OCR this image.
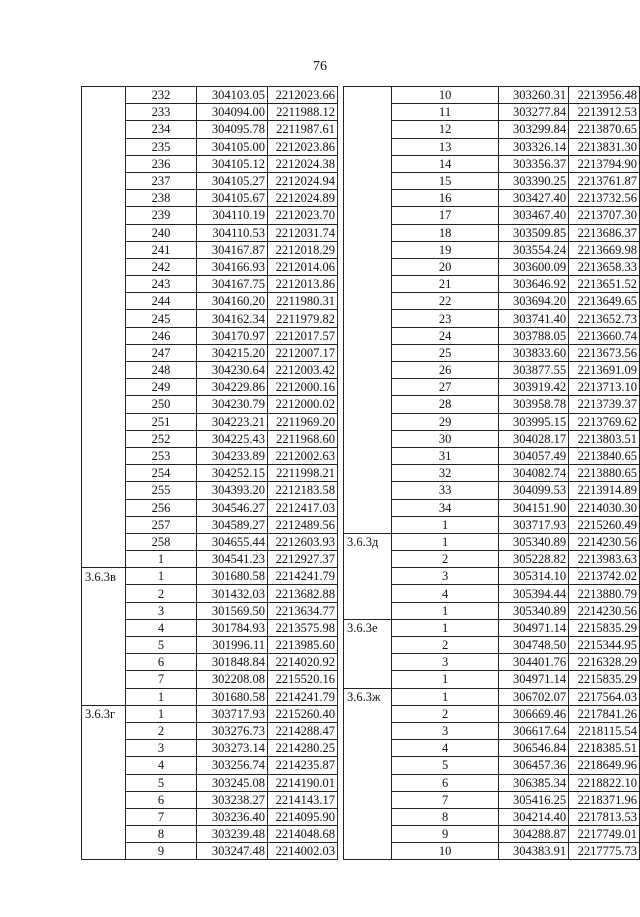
76
	232	304103.05	2212023.66
	233	304094.00	2211988.12
	234	304095.78	2211987.61
	235	304105.00	2212023.86
	236	304105.12	2212024.38
	237	304105.27	2212024.94
	238	304105.67	2212024.89
	239	304110.19	2212023.70
	240	304110.53	2212031.74
	241	304167.87	2212018.29
	242	304166.93	2212014.06
	243	304167.75	2212013.86
	244	304160.20	2211980.31
	245	304162.34	2211979.82
	246	304170.97	2212017.57
	247	304215.20	2212007.17
	248	304230.64	2212003.42
	249	304229.86	2212000.16
	250	304230.79	2212000.02
	251	304223.21	2211969.20
	252	304225.43	2211968.60
	253	304233.89	2212002.63
	254	304252.15	2211998.21
	255	304393.20	2212183.58
	256	304546.27	2212417.03
	257	304589.27	2212489.56
	258	304655.44	2212603.93
	1	304541.23	2212927.37
3.6.3в	1	301680.58	2214241.79
	2	301432.03	2213682.88
	3	301569.50	2213634.77
	4	301784.93	2213575.98
	5	301996.11	2213985.60
	6	301848.84	2214020.92
	7	302208.08	2215520.16
	1	301680.58	2214241.79
3.6.3г	1	303717.93	2215260.40
	2	303276.73	2214288.47
	3	303273.14	2214280.25
	4	303256.74	2214235.87
	5	303245.08	2214190.01
	6	303238.27	2214143.17
	7	303236.40	2214095.90
	8	303239.48	2214048.68
	9	303247.48	2214002.03
	10	303260.31	2213956.48
	11	303277.84	2213912.53
	12	303299.84	2213870.65
	13	303326.14	2213831.30
	14	303356.37	2213794.90
	15	303390.25	2213761.87
	16	303427.40	2213732.56
	17	303467.40	2213707.30
	18	303509.85	2213686.37
	19	303554.24	2213669.98
	20	303600.09	2213658.33
	21	303646.92	2213651.52
	22	303694.20	2213649.65
	23	303741.40	2213652.73
	24	303788.05	2213660.74
	25	303833.60	2213673.56
	26	303877.55	2213691.09
	27	303919.42	2213713.10
	28	303958.78	2213739.37
	29	303995.15	2213769.62
	30	304028.17	2213803.51
	31	304057.49	2213840.65
	32	304082.74	2213880.65
	33	304099.53	2213914.89
	34	304151.90	2214030.30
	1	303717.93	2215260.49
3.6.3д	1	305340.89	2214230.56
	2	305228.82	2213983.63
	3	305314.10	2213742.02
	4	305394.44	2213880.79
	1	305340.89	2214230.56
3.6.3е	1	304971.14	2215835.29
	2	304748.50	2215344.95
	3	304401.76	2216328.29
	1	304971.14	2215835.29
3.6.3ж	1	306702.07	2217564.03
	2	306669.46	2217841.26
	3	306617.64	2218115.54
	4	306546.84	2218385.51
	5	306457.36	2218649.96
	6	306385.34	2218822.10
	7	305416.25	2218371.96
	8	304214.40	2217813.53
	9	304288.87	2217749.01
	10	304383.91	2217775.73
